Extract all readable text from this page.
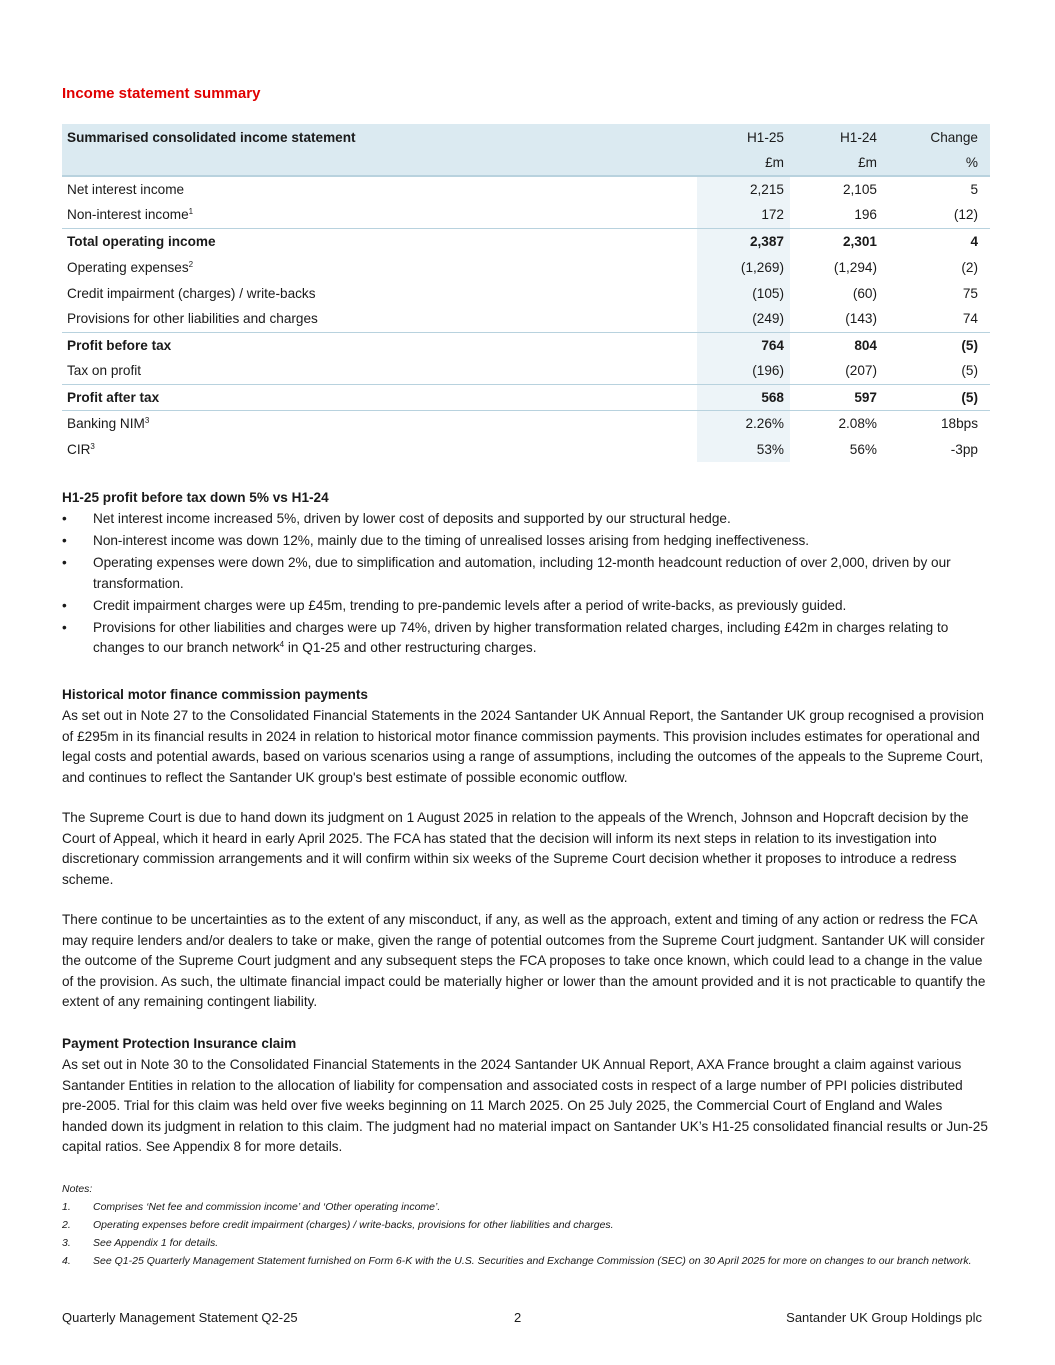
Income statement summary
Summarised consolidated income statement	H1-25	H1-24	Change
	£m	£m	%
Net interest income	2,215	2,105	5
Non-interest income$^1$	172	196	(12)
Total operating income	2,387	2,301	4
Operating expenses$^2$	(1,269)	(1,294)	(2)
Credit impairment (charges) / write-backs	(105)	(60)	75
Provisions for other liabilities and charges	(249)	(143)	74
Profit before tax	764	804	(5)
Tax on profit	(196)	(207)	(5)
Profit after tax	568	597	(5)
Banking NIM$^3$	2.26%	2.08%	18bps
CIR$^3$	53%	56%	-3pp
H1-25 profit before tax down 5% vs H1-24
• Net interest income increased 5%, driven by lower cost of deposits and supported by our structural hedge.
• Non-interest income was down 12%, mainly due to the timing of unrealised losses arising from hedging ineffectiveness.
• Operating expenses were down 2%, due to simplification and automation, including 12-month headcount reduction of over 2,000, driven by our transformation.
• Credit impairment charges were up £45m, trending to pre-pandemic levels after a period of write-backs, as previously guided.
• Provisions for other liabilities and charges were up 74%, driven by higher transformation related charges, including £42m in charges relating to changes to our branch network$^4$ in Q1-25 and other restructuring charges.
Historical motor finance commission payments

As set out in Note 27 to the Consolidated Financial Statements in the 2024 Santander UK Annual Report, the Santander UK group recognised a provision of £295m in its financial results in 2024 in relation to historical motor finance commission payments. This provision includes estimates for operational and legal costs and potential awards, based on various scenarios using a range of assumptions, including the outcomes of the appeals to the Supreme Court, and continues to reflect the Santander UK group's best estimate of possible economic outflow.

The Supreme Court is due to hand down its judgment on 1 August 2025 in relation to the appeals of the Wrench, Johnson and Hopcraft decision by the Court of Appeal, which it heard in early April 2025. The FCA has stated that the decision will inform its next steps in relation to its investigation into discretionary commission arrangements and it will confirm within six weeks of the Supreme Court decision whether it proposes to introduce a redress scheme.

There continue to be uncertainties as to the extent of any misconduct, if any, as well as the approach, extent and timing of any action or redress the FCA may require lenders and/or dealers to take or make, given the range of potential outcomes from the Supreme Court judgment. Santander UK will consider the outcome of the Supreme Court judgment and any subsequent steps the FCA proposes to take once known, which could lead to a change in the value of the provision. As such, the ultimate financial impact could be materially higher or lower than the amount provided and it is not practicable to quantify the extent of any remaining contingent liability.

Payment Protection Insurance claim

As set out in Note 30 to the Consolidated Financial Statements in the 2024 Santander UK Annual Report, AXA France brought a claim against various Santander Entities in relation to the allocation of liability for compensation and associated costs in respect of a large number of PPI policies distributed pre-2005. Trial for this claim was held over five weeks beginning on 11 March 2025. On 25 July 2025, the Commercial Court of England and Wales handed down its judgment in relation to this claim. The judgment had no material impact on Santander UK’s H1-25 consolidated financial results or Jun-25 capital ratios. See Appendix 8 for more details.

Notes:
1. Comprises ‘Net fee and commission income’ and ‘Other operating income’.
2. Operating expenses before credit impairment (charges) / write-backs, provisions for other liabilities and charges.
3. See Appendix 1 for details.
4. See Q1-25 Quarterly Management Statement furnished on Form 6-K with the U.S. Securities and Exchange Commission (SEC) on 30 April 2025 for more on changes to our branch network.
Quarterly Management Statement Q2-25	2	Santander UK Group Holdings plc
